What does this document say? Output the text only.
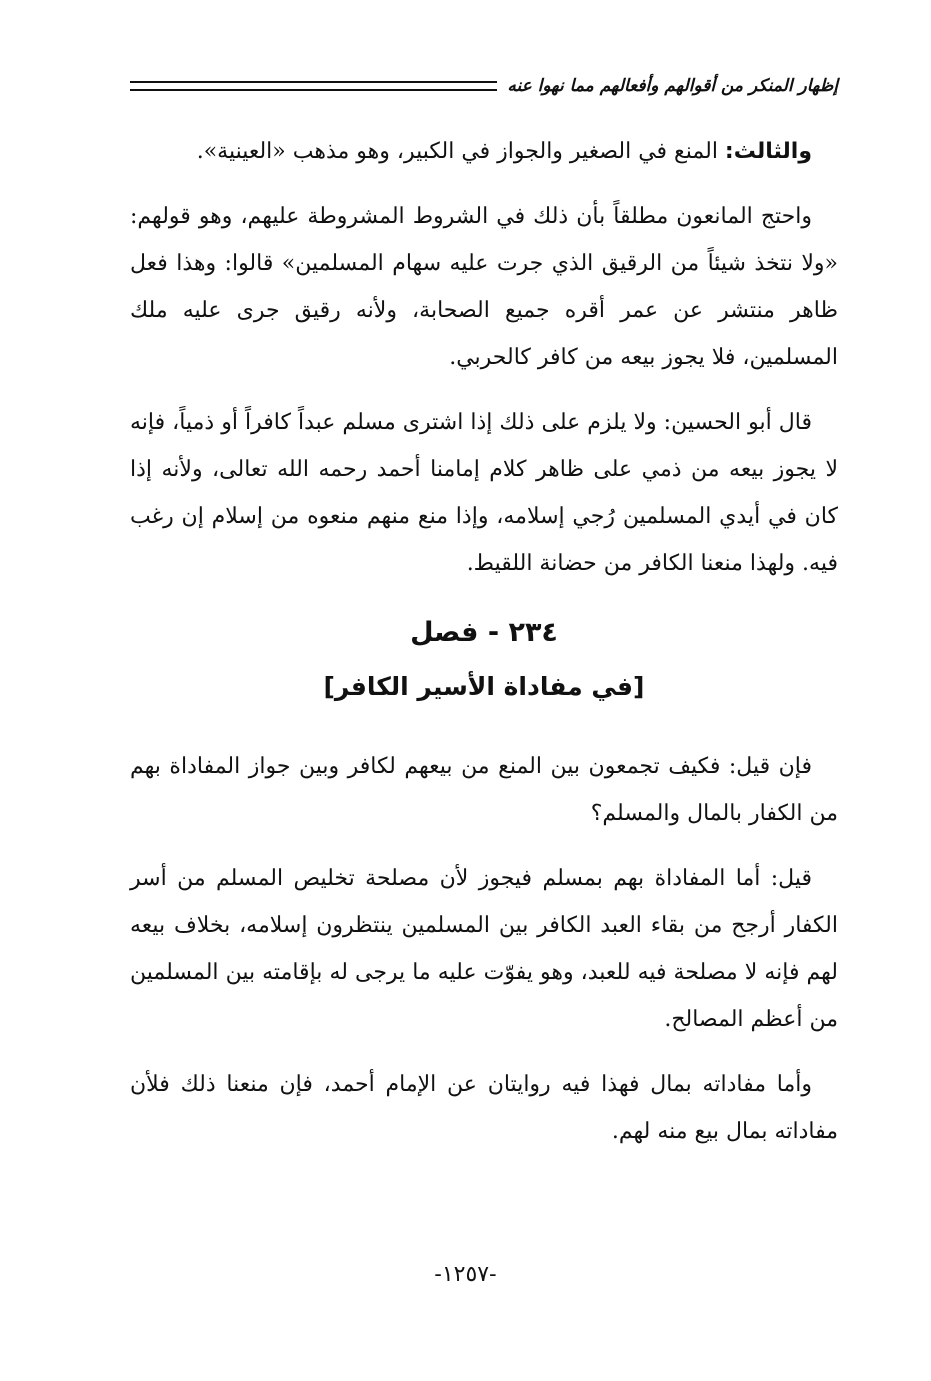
إظهار المنكر من أقوالهم وأفعالهم مما نهوا عنه

والثالث: المنع في الصغير والجواز في الكبير، وهو مذهب «العينية».

واحتج المانعون مطلقاً بأن ذلك في الشروط المشروطة عليهم، وهو قولهم: «ولا نتخذ شيئاً من الرقيق الذي جرت عليه سهام المسلمين» قالوا: وهذا فعل ظاهر منتشر عن عمر أقره جميع الصحابة، ولأنه رقيق جرى عليه ملك المسلمين، فلا يجوز بيعه من كافر كالحربي.

قال أبو الحسين: ولا يلزم على ذلك إذا اشترى مسلم عبداً كافراً أو ذمياً، فإنه لا يجوز بيعه من ذمي على ظاهر كلام إمامنا أحمد رحمه الله تعالى، ولأنه إذا كان في أيدي المسلمين رُجي إسلامه، وإذا منع منهم منعوه من إسلام إن رغب فيه. ولهذا منعنا الكافر من حضانة اللقيط.

٢٣٤ - فصل
[في مفاداة الأسير الكافر]

فإن قيل: فكيف تجمعون بين المنع من بيعهم لكافر وبين جواز المفاداة بهم من الكفار بالمال والمسلم؟

قيل: أما المفاداة بهم بمسلم فيجوز لأن مصلحة تخليص المسلم من أسر الكفار أرجح من بقاء العبد الكافر بين المسلمين ينتظرون إسلامه، بخلاف بيعه لهم فإنه لا مصلحة فيه للعبد، وهو يفوّت عليه ما يرجى له بإقامته بين المسلمين من أعظم المصالح.

وأما مفاداته بمال فهذا فيه روايتان عن الإمام أحمد، فإن منعنا ذلك فلأن مفاداته بمال بيع منه لهم.

-١٢٥٧-
